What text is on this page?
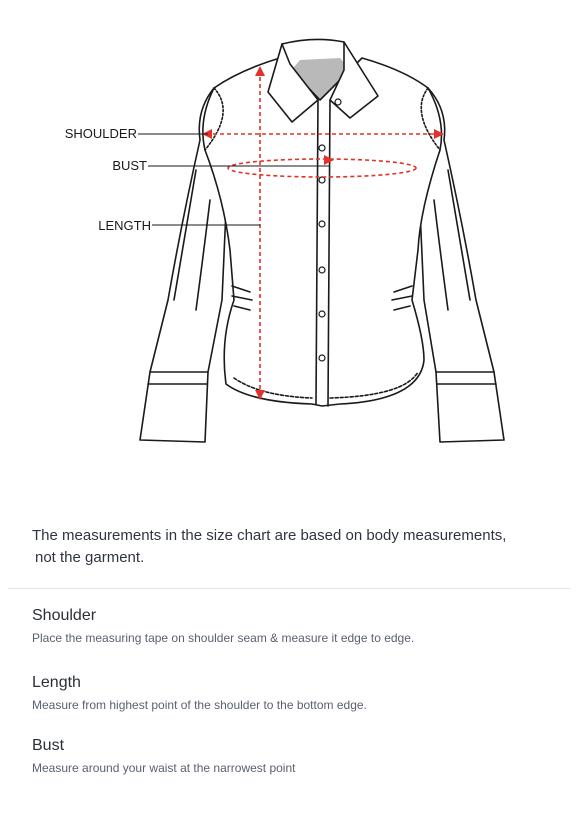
SHOULDER
BUST
LENGTH

The measurements in the size chart are based on body measurements,
not the garment.

Shoulder

Place the measuring tape on shoulder seam & measure it edge to edge.

Length

Measure from highest point of the shoulder to the bottom edge.

Bust

Measure around your waist at the narrowest point
